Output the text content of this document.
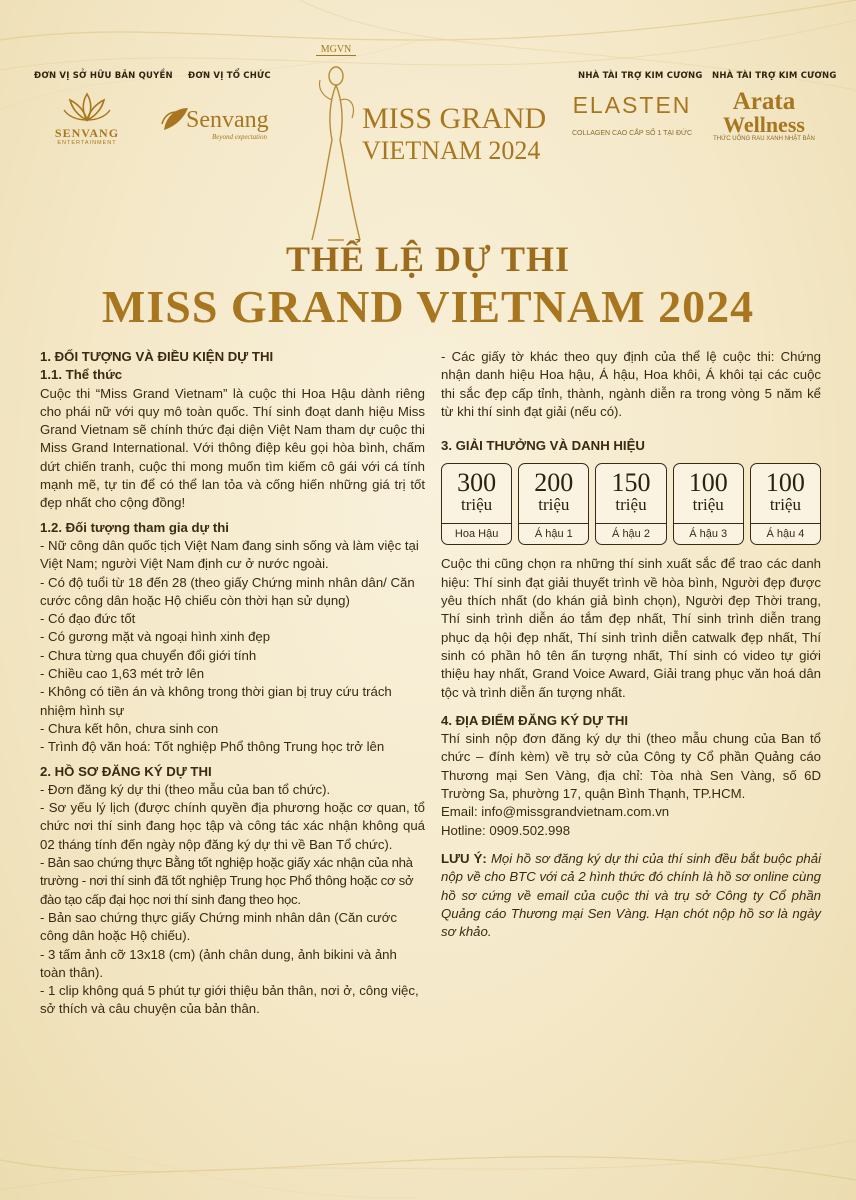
ĐƠN VỊ SỞ HỮU BẢN QUYỀN ĐƠN VỊ TỔ CHỨC	NHÀ TÀI TRỢ KIM CƯƠNG NHÀ TÀI TRỢ KIM CƯƠNG
SENVANG
ENTERTAINMENT
Senvang
Beyond expectation
MGVN
MISS GRAND
VIETNAM 2024
ELASTEN
COLLAGEN CAO CẤP SỐ 1 TẠI ĐỨC
Arata
Wellness
THỨC UỐNG RAU XANH NHẬT BẢN
THỂ LỆ DỰ THI
MISS GRAND VIETNAM 2024

1. ĐỐI TƯỢNG VÀ ĐIỀU KIỆN DỰ THI

1.1. Thể thức

Cuộc thi “Miss Grand Vietnam” là cuộc thi Hoa Hậu dành riêng cho phái nữ với quy mô toàn quốc. Thí sinh đoạt danh hiệu Miss Grand Vietnam sẽ chính thức đại diện Việt Nam tham dự cuộc thi Miss Grand International. Với thông điệp kêu gọi hòa bình, chấm dứt chiến tranh, cuộc thi mong muốn tìm kiếm cô gái với cá tính mạnh mẽ, tự tin để có thể lan tỏa và cống hiến những giá trị tốt đẹp nhất cho cộng đồng!

1.2. Đối tượng tham gia dự thi

- Nữ công dân quốc tịch Việt Nam đang sinh sống và làm việc tại Việt Nam; người Việt Nam định cư ở nước ngoài.

- Có độ tuổi từ 18 đến 28 (theo giấy Chứng minh nhân dân/ Căn cước công dân hoặc Hộ chiếu còn thời hạn sử dụng)

- Có đạo đức tốt

- Có gương mặt và ngoại hình xinh đẹp

- Chưa từng qua chuyển đổi giới tính

- Chiều cao 1,63 mét trở lên

- Không có tiền án và không trong thời gian bị truy cứu trách nhiệm hình sự

- Chưa kết hôn, chưa sinh con

- Trình độ văn hoá: Tốt nghiệp Phổ thông Trung học trở lên

2. HỒ SƠ ĐĂNG KÝ DỰ THI

- Đơn đăng ký dự thi (theo mẫu của ban tổ chức).

- Sơ yếu lý lịch (được chính quyền địa phương hoặc cơ quan, tổ chức nơi thí sinh đang học tập và công tác xác nhận không quá 02 tháng tính đến ngày nộp đăng ký dự thi về Ban Tổ chức).

- Bản sao chứng thực Bằng tốt nghiệp hoặc giấy xác nhận của nhà trường - nơi thí sinh đã tốt nghiệp Trung học Phổ thông hoặc cơ sở đào tạo cấp đại học nơi thí sinh đang theo học.

- Bản sao chứng thực giấy Chứng minh nhân dân (Căn cước công dân hoặc Hộ chiếu).

- 3 tấm ảnh cỡ 13x18 (cm) (ảnh chân dung, ảnh bikini và ảnh toàn thân).

- 1 clip không quá 5 phút tự giới thiệu bản thân, nơi ở, công việc, sở thích và câu chuyện của bản thân.

- Các giấy tờ khác theo quy định của thể lệ cuộc thi: Chứng nhận danh hiệu Hoa hậu, Á hậu, Hoa khôi, Á khôi tại các cuộc thi sắc đẹp cấp tỉnh, thành, ngành diễn ra trong vòng 5 năm kể từ khi thí sinh đạt giải (nếu có).

3. GIẢI THƯỞNG VÀ DANH HIỆU

300
triệu
Hoa Hậu
200
triệu
Á hậu 1
150
triệu
Á hậu 2
100
triệu
Á hậu 3
100
triệu
Á hậu 4

Cuộc thi cũng chọn ra những thí sinh xuất sắc để trao các danh hiệu: Thí sinh đạt giải thuyết trình về hòa bình, Người đẹp được yêu thích nhất (do khán giả bình chọn), Người đẹp Thời trang, Thí sinh trình diễn áo tắm đẹp nhất, Thí sinh trình diễn trang phục dạ hội đẹp nhất, Thí sinh trình diễn catwalk đẹp nhất, Thí sinh có phần hô tên ấn tượng nhất, Thí sinh có video tự giới thiệu hay nhất, Grand Voice Award, Giải trang phục văn hoá dân tộc và trình diễn ấn tượng nhất.

4. ĐỊA ĐIỂM ĐĂNG KÝ DỰ THI

Thí sinh nộp đơn đăng ký dự thi (theo mẫu chung của Ban tổ chức – đính kèm) về trụ sở của Công ty Cổ phần Quảng cáo Thương mại Sen Vàng, địa chỉ: Tòa nhà Sen Vàng, số 6D Trường Sa, phường 17, quận Bình Thạnh, TP.HCM.

Email: info@missgrandvietnam.com.vn

Hotline: 0909.502.998

LƯU Ý: Mọi hồ sơ đăng ký dự thi của thí sinh đều bắt buộc phải nộp về cho BTC với cả 2 hình thức đó chính là hồ sơ online cùng hồ sơ cứng về email của cuộc thi và trụ sở Công ty Cổ phần Quảng cáo Thương mại Sen Vàng. Hạn chót nộp hồ sơ là ngày sơ khảo.
